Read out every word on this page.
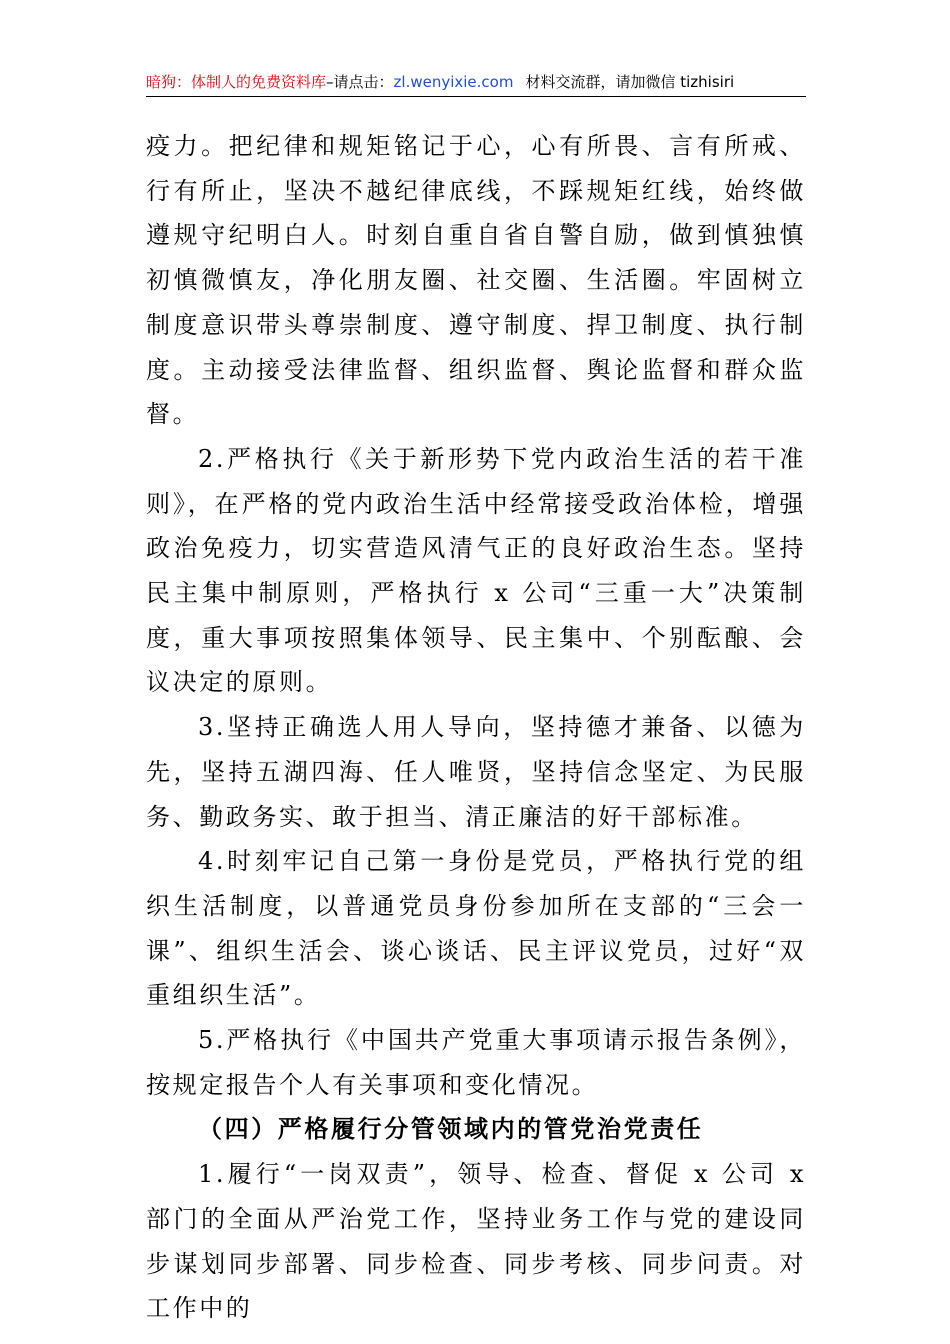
暗狗：体制人的免费资料库–请点击：zl.wenyixie.com 材料交流群，请加微信 tizhisiri

疫力。把纪律和规矩铭记于心，心有所畏、言有所戒、行有所止，坚决不越纪律底线，不踩规矩红线，始终做遵规守纪明白人。时刻自重自省自警自励，做到慎独慎初慎微慎友，净化朋友圈、社交圈、生活圈。牢固树立制度意识带头尊崇制度、遵守制度、捍卫制度、执行制度。主动接受法律监督、组织监督、舆论监督和群众监督。

2.严格执行《关于新形势下党内政治生活的若干准则》，在严格的党内政治生活中经常接受政治体检，增强政治免疫力，切实营造风清气正的良好政治生态。坚持民主集中制原则，严格执行 x 公司“三重一大”决策制度，重大事项按照集体领导、民主集中、个别酝酿、会议决定的原则。

3.坚持正确选人用人导向，坚持德才兼备、以德为先，坚持五湖四海、任人唯贤，坚持信念坚定、为民服务、勤政务实、敢于担当、清正廉洁的好干部标准。

4.时刻牢记自己第一身份是党员，严格执行党的组织生活制度，以普通党员身份参加所在支部的“三会一课”、组织生活会、谈心谈话、民主评议党员，过好“双重组织生活”。

5.严格执行《中国共产党重大事项请示报告条例》，按规定报告个人有关事项和变化情况。

（四）严格履行分管领域内的管党治党责任

1.履行“一岗双责”，领导、检查、督促 x 公司 x 部门的全面从严治党工作，坚持业务工作与党的建设同步谋划同步部署、同步检查、同步考核、同步问责。对工作中的
